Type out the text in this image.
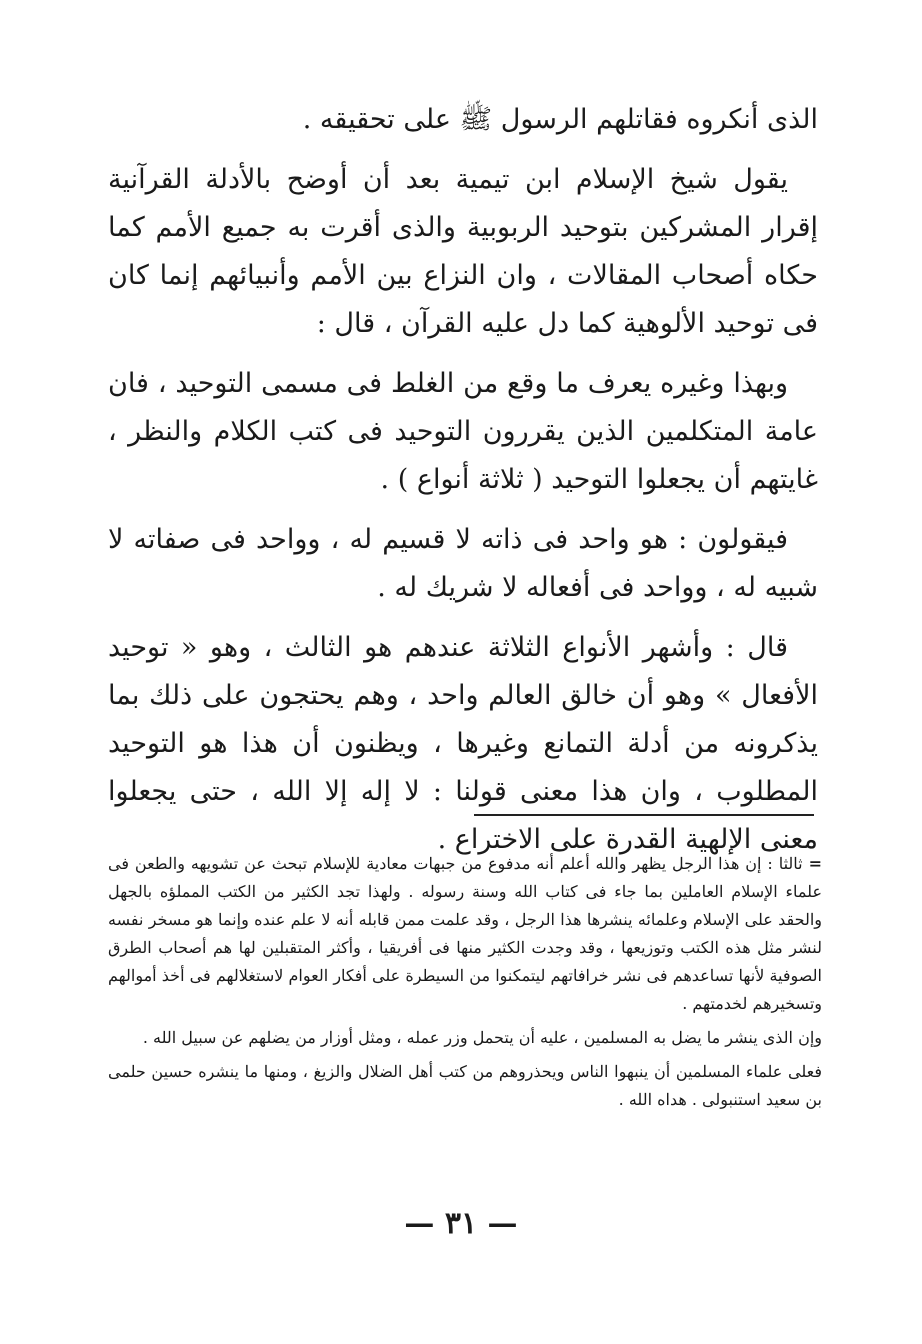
الذى أنكروه فقاتلهم الرسول ﷺ على تحقيقه .

يقول شيخ الإسلام ابن تيمية بعد أن أوضح بالأدلة القرآنية إقرار المشركين بتوحيد الربوبية والذى أقرت به جميع الأمم كما حكاه أصحاب المقالات ، وان النزاع بين الأمم وأنبيائهم إنما كان فى توحيد الألوهية كما دل عليه القرآن ، قال :

وبهذا وغيره يعرف ما وقع من الغلط فى مسمى التوحيد ، فان عامة المتكلمين الذين يقررون التوحيد فى كتب الكلام والنظر ، غايتهم أن يجعلوا التوحيد ( ثلاثة أنواع ) .

فيقولون : هو واحد فى ذاته لا قسيم له ، وواحد فى صفاته لا شبيه له ، وواحد فى أفعاله لا شريك له .

قال : وأشهر الأنواع الثلاثة عندهم هو الثالث ، وهو « توحيد الأفعال » وهو أن خالق العالم واحد ، وهم يحتجون على ذلك بما يذكرونه من أدلة التمانع وغيرها ، ويظنون أن هذا هو التوحيد المطلوب ، وان هذا معنى قولنا : لا إله إلا الله ، حتى يجعلوا معنى الإلهية القدرة على الاختراع .

=ثالثا : إن هذا الرجل يظهر والله أعلم أنه مدفوع من جبهات معادية للإسلام تبحث عن تشويهه والطعن فى علماء الإسلام العاملين بما جاء فى كتاب الله وسنة رسوله . ولهذا تجد الكثير من الكتب المملؤه بالجهل والحقد على الإسلام وعلمائه ينشرها هذا الرجل ، وقد علمت ممن قابله أنه لا علم عنده وإنما هو مسخر نفسه لنشر مثل هذه الكتب وتوزيعها ، وقد وجدت الكثير منها فى أفريقيا ، وأكثر المتقبلين لها هم أصحاب الطرق الصوفية لأنها تساعدهم فى نشر خرافاتهم ليتمكنوا من السيطرة على أفكار العوام لاستغلالهم فى أخذ أموالهم وتسخيرهم لخدمتهم .

وإن الذى ينشر ما يضل به المسلمين ، عليه أن يتحمل وزر عمله ، ومثل أوزار من يضلهم عن سبيل الله .

فعلى علماء المسلمين أن ينبهوا الناس ويحذروهم من كتب أهل الضلال والزيغ ، ومنها ما ينشره حسين حلمى بن سعيد استنبولى . هداه الله .

— ٣١ —
